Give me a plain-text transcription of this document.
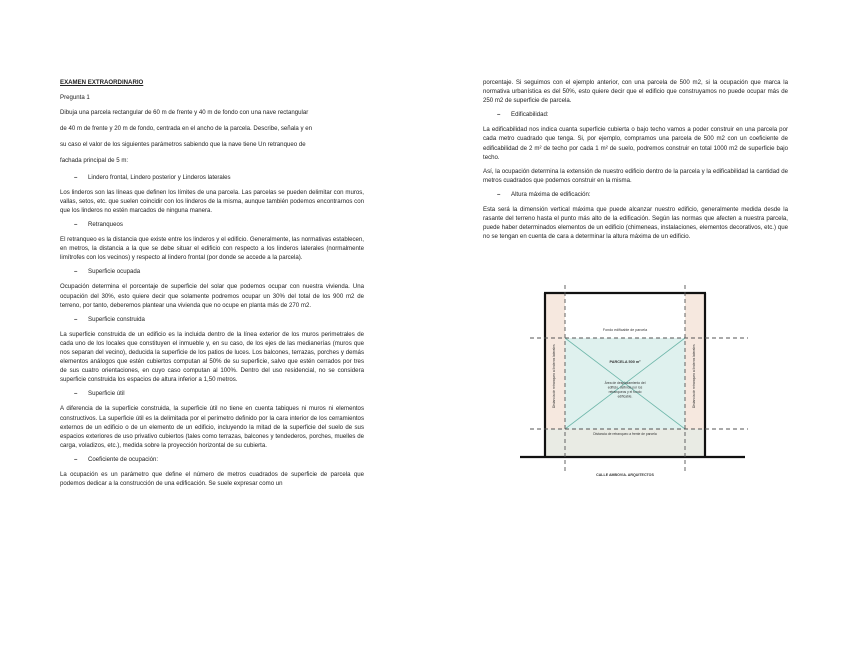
EXAMEN EXTRAORDINARIO

Pregunta 1

Dibuja una parcela rectangular de 60 m de frente y 40 m de fondo con una nave rectangular

de 40 m de frente y 20 m de fondo, centrada en el ancho de la parcela. Describe, señala y en

su caso el valor de los siguientes parámetros sabiendo que la nave tiene Un retranqueo de

fachada principal de 5 m:

–	Lindero frontal, Lindero posterior y Linderos laterales

Los linderos son las líneas que definen los límites de una parcela. Las parcelas se pueden delimitar con muros, vallas, setos, etc. que suelen coincidir con los linderos de la misma, aunque también podemos encontrarnos con que los linderos no estén marcados de ninguna manera.

–	Retranqueos

El retranqueo es la distancia que existe entre los linderos y el edificio. Generalmente, las normativas establecen, en metros, la distancia a la que se debe situar el edificio con respecto a los linderos laterales (normalmente limítrofes con los vecinos) y respecto al lindero frontal (por donde se accede a la parcela).

–	Superficie ocupada

Ocupación determina el porcentaje de superficie del solar que podemos ocupar con nuestra vivienda. Una ocupación del 30%, esto quiere decir que solamente podremos ocupar un 30% del total de los 900 m2 de terreno, por tanto, deberemos plantear una vivienda que no ocupe en planta más de 270 m2.

–	Superficie construida

La superficie construida de un edificio es la incluida dentro de la línea exterior de los muros perimetrales de cada uno de los locales que constituyen el inmueble y, en su caso, de los ejes de las medianerías (muros que nos separan del vecino), deducida la superficie de los patios de luces. Los balcones, terrazas, porches y demás elementos análogos que estén cubiertos computan al 50% de su superficie, salvo que estén cerrados por tres de sus cuatro orientaciones, en cuyo caso computan al 100%. Dentro del uso residencial, no se considera superficie construida los espacios de altura inferior a 1,50 metros.

–	Superficie útil

A diferencia de la superficie construida, la superficie útil no tiene en cuenta tabiques ni muros ni elementos constructivos. La superficie útil es la delimitada por el perímetro definido por la cara interior de los cerramientos externos de un edificio o de un elemento de un edificio, incluyendo la mitad de la superficie del suelo de sus espacios exteriores de uso privativo cubiertos (tales como terrazas, balcones y tendederos, porches, muelles de carga, voladizos, etc.), medida sobre la proyección horizontal de su cubierta.

–	Coeficiente de ocupación:

La ocupación es un parámetro que define el número de metros cuadrados de superficie de parcela que podemos dedicar a la construcción de una edificación. Se suele expresar como un

porcentaje. Si seguimos con el ejemplo anterior, con una parcela de 500 m2, si la ocupación que marca la normativa urbanística es del 50%, esto quiere decir que el edificio que construyamos no puede ocupar más de 250 m2 de superficie de parcela.

–	Edificabilidad:

La edificabilidad nos indica cuanta superficie cubierta o bajo techo vamos a poder construir en una parcela por cada metro cuadrado que tenga. Si, por ejemplo, compramos una parcela de 500 m2 con un coeficiente de edificabilidad de 2 m² de techo por cada 1 m² de suelo, podremos construir en total 1000 m2 de superficie bajo techo.

Así, la ocupación determina la extensión de nuestro edificio dentro de la parcela y la edificabilidad la cantidad de metros cuadrados que podemos construir en la misma.

–	Altura máxima de edificación:

Esta será la dimensión vertical máxima que puede alcanzar nuestro edificio, generalmente medida desde la rasante del terreno hasta el punto más alto de la edificación. Según las normas que afecten a nuestra parcela, puede haber determinados elementos de un edificio (chimeneas, instalaciones, elementos decorativos, etc.) que no se tengan en cuenta de cara a determinar la altura máxima de un edificio.

Fondo edificable de parcela
PARCELA 500 m²
Área de desplazamiento del
edificio, definida por los
retranqueos y el fondo
edificable.
Distancia de retranqueo a linderos laterales	Distancia de retranqueo a linderos laterales
Distancia de retranqueo a frente de parcela
CALLE AMBOVIA. ARQUITECTOS
